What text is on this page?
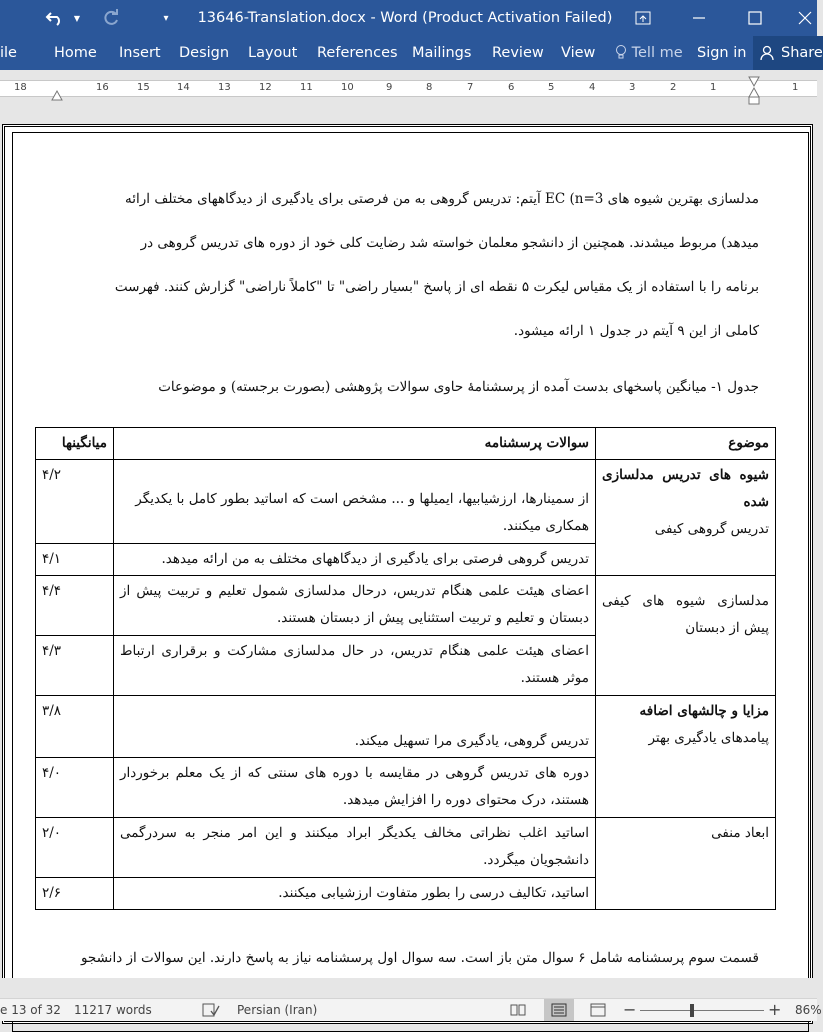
▼	▾	13646-Translation.docx - Word (Product Activation Failed)
ile	Home Insert Design Layout References Mailings Review View	Tell me Sign in Share
18	16	15	14	13	12	11	10	9	8	7	6	5	4	3	2	1	1
مدلسازی بهترین شیوه های EC (n=3 آیتم: تدریس گروهی به من فرصتی برای یادگیری از دیدگاههای مختلف ارائه
میدهد) مربوط میشدند. همچنین از دانشجو معلمان خواسته شد رضایت کلی خود از دوره های تدریس گروهی در
برنامه را با استفاده از یک مقیاس لیکرت ۵ نقطه ای از پاسخ "بسیار راضی" تا "کاملاً ناراضی" گزارش کنند. فهرست
کاملی از این ۹ آیتم در جدول ۱ ارائه میشود.
جدول ۱- میانگین پاسخهای بدست آمده از پرسشنامهٔ حاوی سوالات پژوهشی (بصورت برجسته) و موضوعات
موضوع	سوالات پرسشنامه	میانگینها

شیوه های تدریس مدلسازی شده
تدریس گروهی کیفی	از سمینارها، ارزشیابیها، ایمیلها و ... مشخص است که اساتید بطور کامل با یکدیگر همکاری میکنند.	۴/۲
	تدریس گروهی فرصتی برای یادگیری از دیدگاههای مختلف به من ارائه میدهد.	۴/۱
مدلسازی شیوه های کیفی پیش از دبستان	اعضای هیئت علمی هنگام تدریس، درحال مدلسازی شمول تعلیم و تربیت پیش از دبستان و تعلیم و تربیت استثنایی پیش از دبستان هستند.	۴/۴
	اعضای هیئت علمی هنگام تدریس، در حال مدلسازی مشارکت و برقراری ارتباط موثر هستند.	۴/۳

مزایا و چالشهای اضافه
پیامدهای یادگیری بهتر	تدریس گروهی، یادگیری مرا تسهیل میکند.	۳/۸
	دوره های تدریس گروهی در مقایسه با دوره های سنتی که از یک معلم برخوردار هستند، درک محتوای دوره را افزایش میدهد.	۴/۰
ابعاد منفی	اساتید اغلب نظراتی مخالف یکدیگر ابراد میکنند و این امر منجر به سردرگمی دانشجویان میگردد.	۲/۰
	اساتید، تکالیف درسی را بطور متفاوت ارزشیابی میکنند.	۲/۶
قسمت سوم پرسشنامه شامل ۶ سوال متن باز است. سه سوال اول پرسشنامه نیاز به پاسخ دارند. این سوالات از دانشجو
e 13 of 32 11217 words	Persian (Iran)	−	+ 86%
